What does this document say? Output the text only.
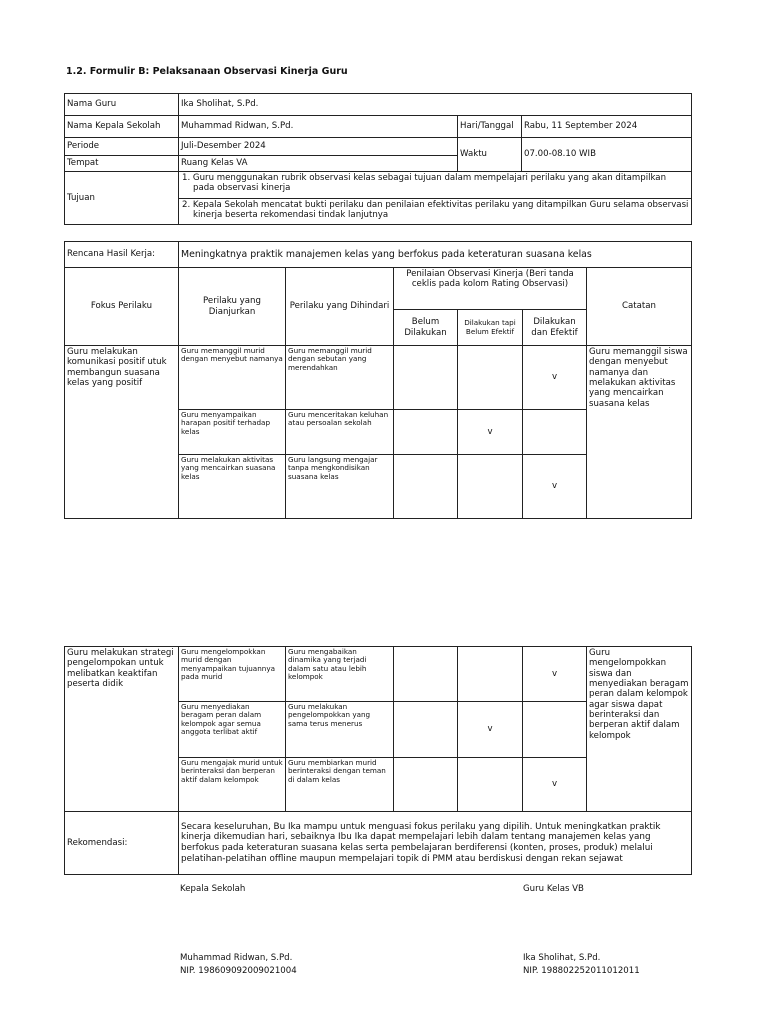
1.2. Formulir B: Pelaksanaan Observasi Kinerja Guru
Nama Guru	Ika Sholihat, S.Pd.		
Nama Kepala Sekolah	Muhammad Ridwan, S.Pd.	Hari/Tanggal	Rabu, 11 September 2024
Periode	Juli-Desember 2024	Waktu	07.00-08.10 WIB
Tempat	Ruang Kelas VA		
Tujuan	1. Guru menggunakan rubrik observasi kelas sebagai tujuan dalam mempelajari perilaku yang akan ditampilkan pada observasi kinerja		
	2. Kepala Sekolah mencatat bukti perilaku dan penilaian efektivitas perilaku yang ditampilkan Guru selama observasi kinerja beserta rekomendasi tindak lanjutnya		
Rencana Hasil Kerja:	Meningkatnya praktik manajemen kelas yang berfokus pada keteraturan suasana kelas					
Fokus Perilaku	Perilaku yang Dianjurkan	Perilaku yang Dihindari	Penilaian Observasi Kinerja (Beri tanda ceklis pada kolom Rating Observasi)			Catatan
			Belum Dilakukan	Dilakukan tapi Belum Efektif	Dilakukan dan Efektif	
Guru melakukan komunikasi positif utuk membangun suasana kelas yang positif	Guru memanggil murid dengan menyebut namanya	Guru memanggil murid dengan sebutan yang merendahkan			v	Guru memanggil siswa dengan menyebut namanya dan melakukan aktivitas yang mencairkan suasana kelas
	Guru menyampaikan harapan positif terhadap kelas	Guru menceritakan keluhan atau persoalan sekolah		v		
	Guru melakukan aktivitas yang mencairkan suasana kelas	Guru langsung mengajar tanpa mengkondisikan suasana kelas			v	
Guru melakukan strategi pengelompokan untuk melibatkan keaktifan peserta didik	Guru mengelompokkan murid dengan menyampaikan tujuannya pada murid	Guru mengabaikan dinamika yang terjadi dalam satu atau lebih kelompok			v	Guru mengelompokkan siswa dan menyediakan beragam peran dalam kelompok agar siswa dapat berinteraksi dan berperan aktif dalam kelompok
	Guru menyediakan beragam peran dalam kelompok agar semua anggota terlibat aktif	Guru melakukan pengelompokkan yang sama terus menerus		v		
	Guru mengajak murid untuk berinteraksi dan berperan aktif dalam kelompok	Guru membiarkan murid berinteraksi dengan teman di dalam kelas			v	
Rekomendasi:	Secara keseluruhan, Bu Ika mampu untuk menguasi fokus perilaku yang dipilih. Untuk meningkatkan praktik kinerja dikemudian hari, sebaiknya Ibu Ika dapat mempelajari lebih dalam tentang manajemen kelas yang berfokus pada keteraturan suasana kelas serta pembelajaran berdiferensi (konten, proses, produk) melalui pelatihan-pelatihan offline maupun mempelajari topik di PMM atau berdiskusi dengan rekan sejawat					
Kepala Sekolah	Guru Kelas VB
Muhammad Ridwan, S.Pd.
NIP. 198609092009021004
Ika Sholihat, S.Pd.
NIP. 198802252011012011
